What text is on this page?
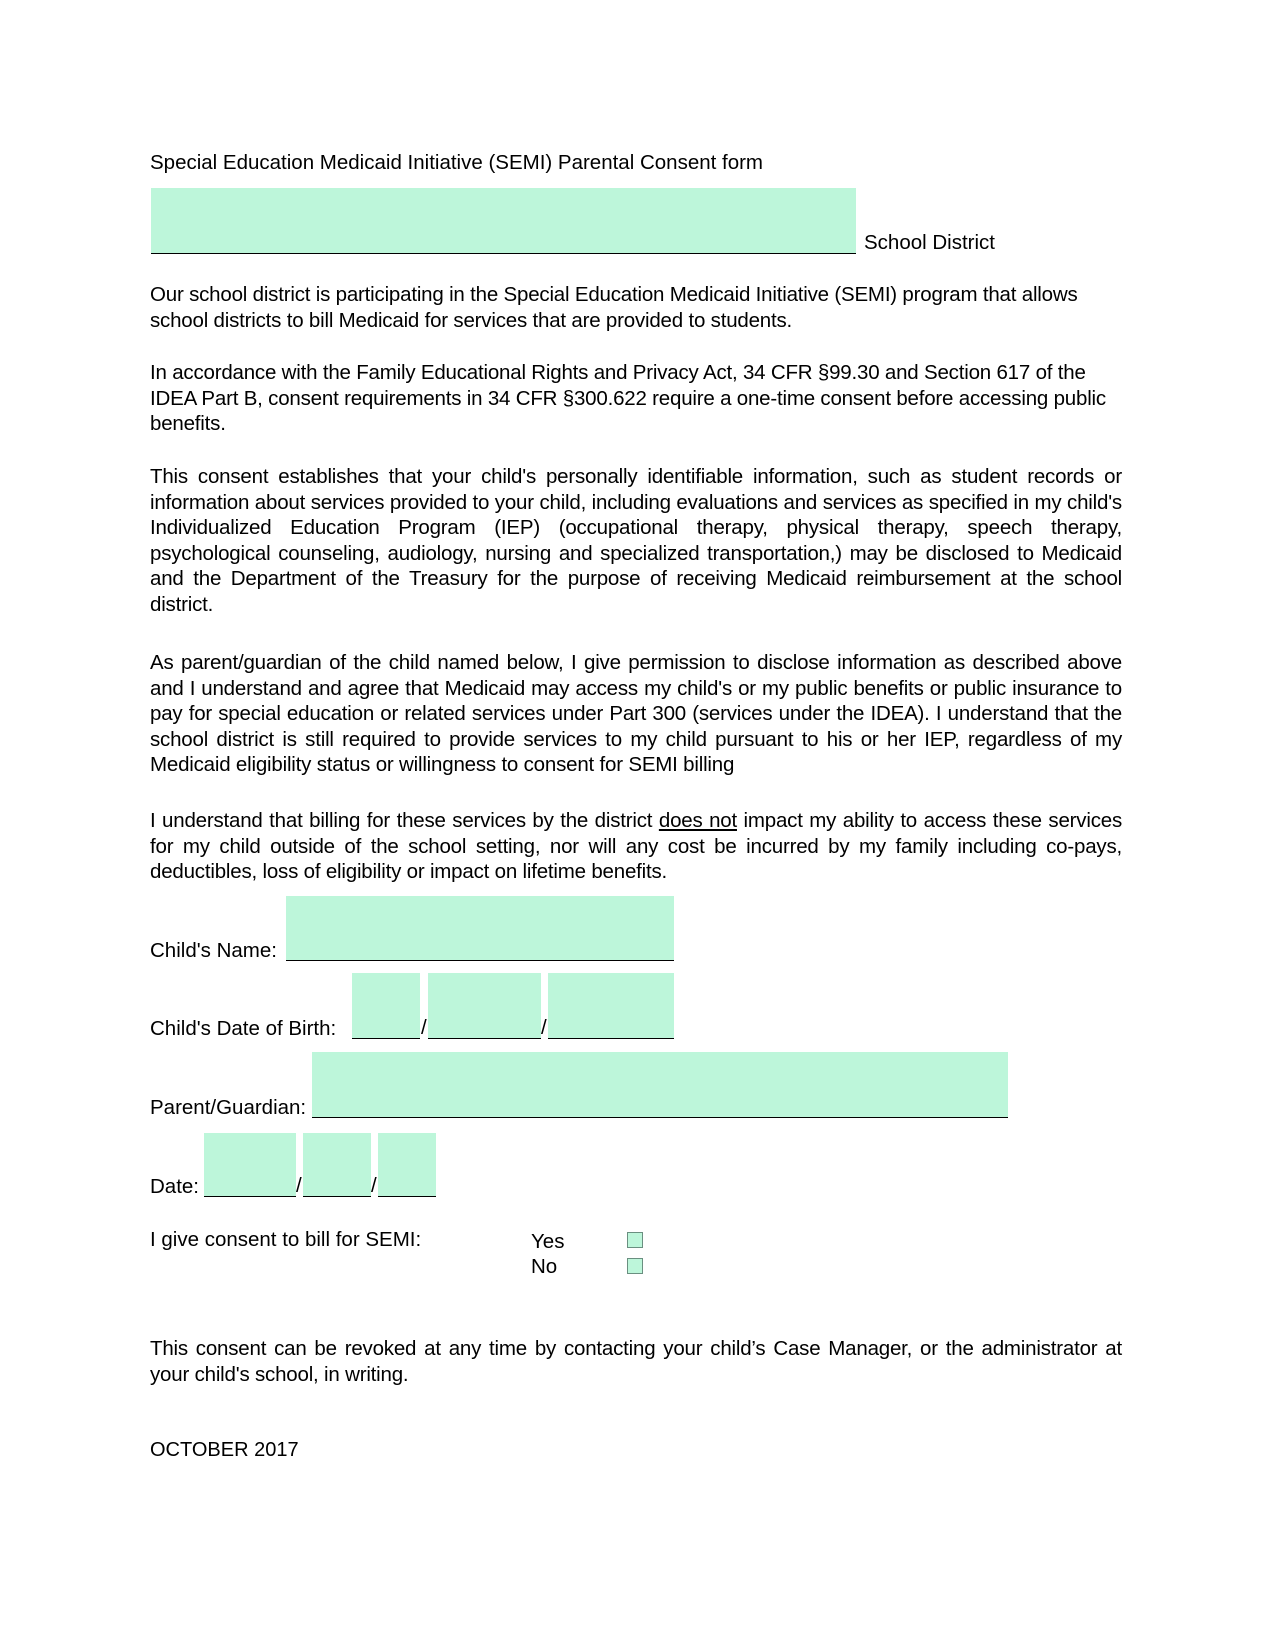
Special Education Medicaid Initiative (SEMI) Parental Consent form
School District
Our school district is participating in the Special Education Medicaid Initiative (SEMI) program that allows school districts to bill Medicaid for services that are provided to students.
In accordance with the Family Educational Rights and Privacy Act, 34 CFR §99.30 and Section 617 of the IDEA Part B, consent requirements in 34 CFR §300.622 require a one-time consent before accessing public benefits.
This consent establishes that your child's personally identifiable information, such as student records or information about services provided to your child, including evaluations and services as specified in my child's Individualized Education Program (IEP) (occupational therapy, physical therapy, speech therapy, psychological counseling, audiology, nursing and specialized transportation,) may be disclosed to Medicaid and the Department of the Treasury for the purpose of receiving Medicaid reimbursement at the school district.
As parent/guardian of the child named below, I give permission to disclose information as described above and I understand and agree that Medicaid may access my child's or my public benefits or public insurance to pay for special education or related services under Part 300 (services under the IDEA). I understand that the school district is still required to provide services to my child pursuant to his or her IEP, regardless of my Medicaid eligibility status or willingness to consent for SEMI billing
I understand that billing for these services by the district does not impact my ability to access these services for my child outside of the school setting, nor will any cost be incurred by my family including co-pays, deductibles, loss of eligibility or impact on lifetime benefits.
Child's Name:
Child's Date of Birth:	/	/
Parent/Guardian:
Date:	/	/
I give consent to bill for SEMI:	Yes
No
This consent can be revoked at any time by contacting your child’s Case Manager, or the administrator at your child's school, in writing.
OCTOBER 2017
